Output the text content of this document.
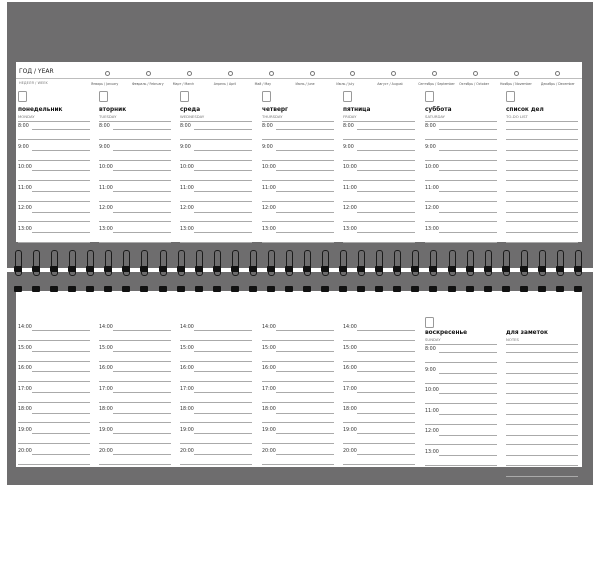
ГОД / YEAR
НЕДЕЛЯ / WEEK	Январь / January	Февраль / February	Март / March	Апрель / April	Май / May	Июнь / June	Июль / July	Август / August	Сентябрь / September Октябрь / October	Ноябрь / November	Декабрь / December
понедельник
MONDAY
8:00
9:00
10:00
11:00
12:00
13:00
вторник
TUESDAY
8:00
9:00
10:00
11:00
12:00
13:00
среда
WEDNESDAY
8:00
9:00
10:00
11:00
12:00
13:00
четверг
THURSDAY
8:00
9:00
10:00
11:00
12:00
13:00
пятница
FRIDAY
8:00
9:00
10:00
11:00
12:00
13:00
суббота
SATURDAY
8:00
9:00
10:00
11:00
12:00
13:00
список дел
TO-DO LIST
14:00
15:00
16:00
17:00
18:00
19:00
20:00
14:00
15:00
16:00
17:00
18:00
19:00
20:00
14:00
15:00
16:00
17:00
18:00
19:00
20:00
14:00
15:00
16:00
17:00
18:00
19:00
20:00
14:00
15:00
16:00
17:00
18:00
19:00
20:00
воскресенье
SUNDAY
8:00
9:00
10:00
11:00
12:00
13:00
для заметок
NOTES
